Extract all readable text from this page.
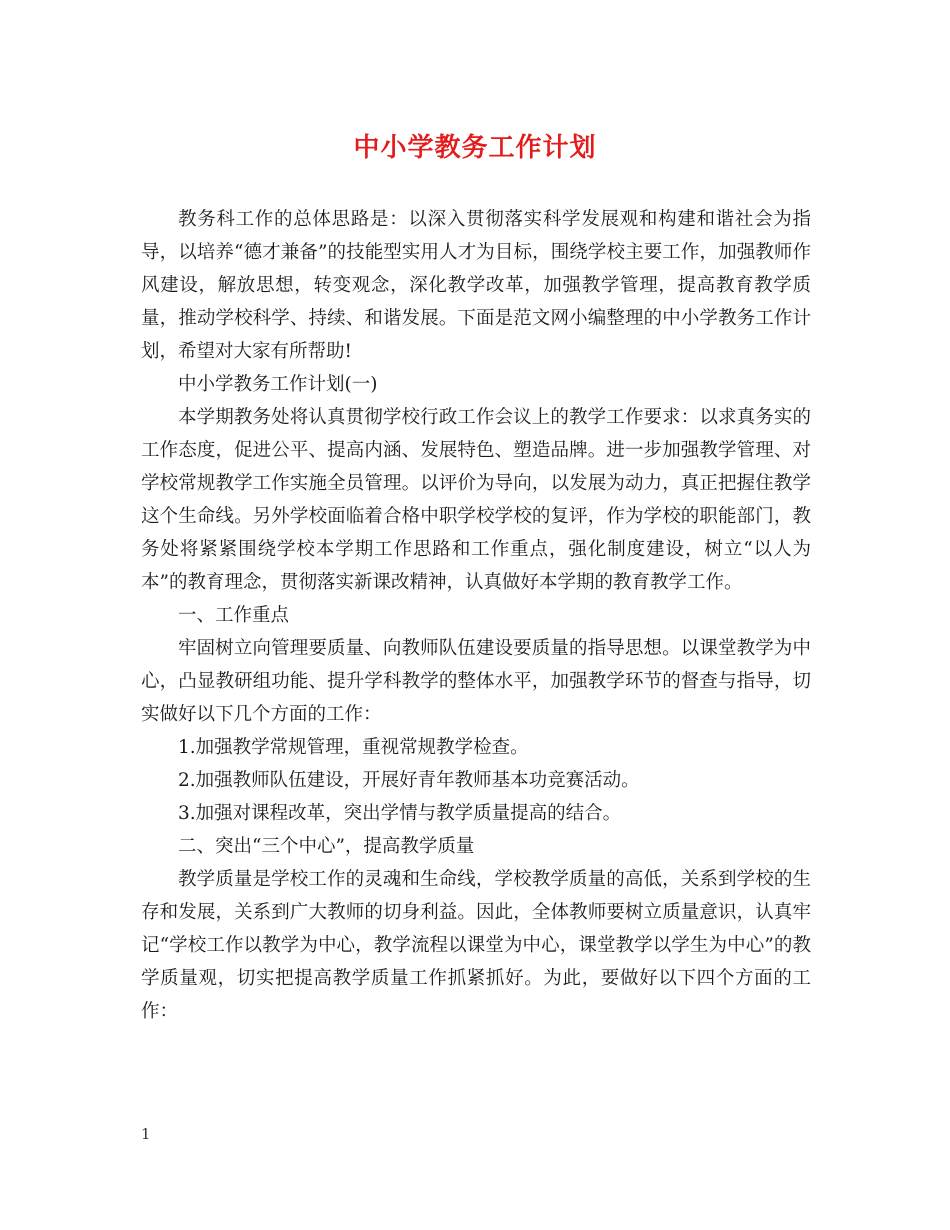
中小学教务工作计划

教务科工作的总体思路是：以深入贯彻落实科学发展观和构建和谐社会为指导，以培养“德才兼备”的技能型实用人才为目标，围绕学校主要工作，加强教师作风建设，解放思想，转变观念，深化教学改革，加强教学管理，提高教育教学质量，推动学校科学、持续、和谐发展。下面是范文网小编整理的中小学教务工作计划，希望对大家有所帮助!

中小学教务工作计划(一)

本学期教务处将认真贯彻学校行政工作会议上的教学工作要求：以求真务实的工作态度，促进公平、提高内涵、发展特色、塑造品牌。进一步加强教学管理、对学校常规教学工作实施全员管理。以评价为导向，以发展为动力，真正把握住教学这个生命线。另外学校面临着合格中职学校学校的复评，作为学校的职能部门，教务处将紧紧围绕学校本学期工作思路和工作重点，强化制度建设，树立“以人为本”的教育理念，贯彻落实新课改精神，认真做好本学期的教育教学工作。

一、工作重点

牢固树立向管理要质量、向教师队伍建设要质量的指导思想。以课堂教学为中心，凸显教研组功能、提升学科教学的整体水平，加强教学环节的督查与指导，切实做好以下几个方面的工作：

1.加强教学常规管理，重视常规教学检查。

2.加强教师队伍建设，开展好青年教师基本功竞赛活动。

3.加强对课程改革，突出学情与教学质量提高的结合。

二、突出“三个中心”，提高教学质量

教学质量是学校工作的灵魂和生命线，学校教学质量的高低，关系到学校的生存和发展，关系到广大教师的切身利益。因此，全体教师要树立质量意识，认真牢记“学校工作以教学为中心，教学流程以课堂为中心，课堂教学以学生为中心”的教学质量观，切实把提高教学质量工作抓紧抓好。为此，要做好以下四个方面的工作：

1
